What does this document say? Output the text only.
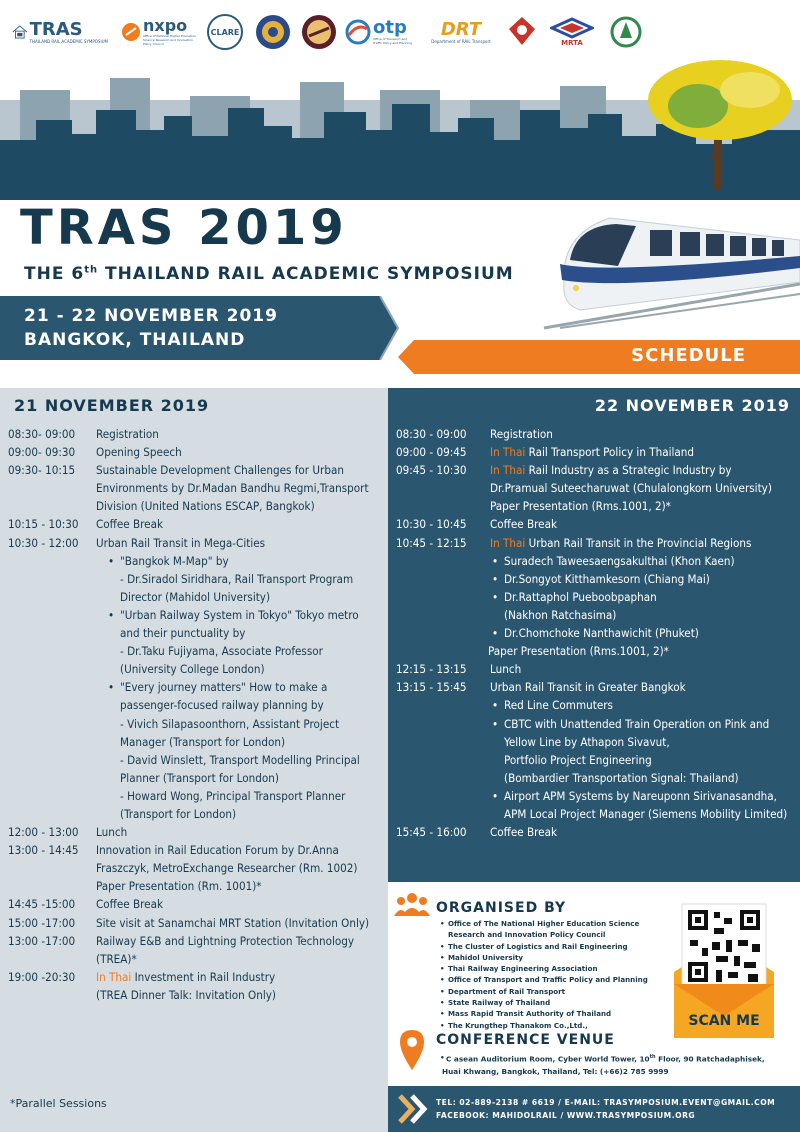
TRAS
THAILAND RAIL ACADEMIC SYMPOSIUM
nxpo
Office of National Higher Education Science Research and Innovation Policy Council
CLARE	otp
Office of Transport and Traffic Policy and Planning
DRT
Department of RAIL Transport	MRTA
TRAS 2019
THE 6th THAILAND RAIL ACADEMIC SYMPOSIUM
21 - 22 NOVEMBER 2019
BANGKOK, THAILAND
SCHEDULE
21 NOVEMBER 2019
08:30- 09:00	Registration
09:00- 09:30	Opening Speech
09:30- 10:15	Sustainable Development Challenges for Urban Environments by Dr.Madan Bandhu Regmi,Transport Division (United Nations ESCAP, Bangkok)
10:15 - 10:30	Coffee Break
10:30 - 12:00	Urban Rail Transit in Mega-Cities
• "Bangkok M-Map" by
- Dr.Siradol Siridhara, Rail Transport Program Director (Mahidol University)
• "Urban Railway System in Tokyo" Tokyo metro and their punctuality by
- Dr.Taku Fujiyama, Associate Professor (University College London)
• "Every journey matters" How to make a passenger-focused railway planning by
- Vivich Silapasoonthorn, Assistant Project Manager (Transport for London)
- David Winslett, Transport Modelling Principal Planner (Transport for London)
- Howard Wong, Principal Transport Planner (Transport for London)
12:00 - 13:00	Lunch
13:00 - 14:45	Innovation in Rail Education Forum by Dr.Anna Fraszczyk, MetroExchange Researcher (Rm. 1002)
Paper Presentation (Rm. 1001)*
14:45 -15:00	Coffee Break
15:00 -17:00	Site visit at Sanamchai MRT Station (Invitation Only)
13:00 -17:00	Railway E&B and Lightning Protection Technology (TREA)*
19:00 -20:30	In Thai Investment in Rail Industry
(TREA Dinner Talk: Invitation Only)
*Parallel Sessions
22 NOVEMBER 2019
08:30 - 09:00	Registration
09:00 - 09:45	In Thai Rail Transport Policy in Thailand
09:45 - 10:30	In Thai Rail Industry as a Strategic Industry by
Dr.Pramual Suteecharuwat (Chulalongkorn University)
Paper Presentation (Rms.1001, 2)*
10:30 - 10:45	Coffee Break
10:45 - 12:15	In Thai Urban Rail Transit in the Provincial Regions
• Suradech Taweesaengsakulthai (Khon Kaen)
• Dr.Songyot Kitthamkesorn (Chiang Mai)
• Dr.Rattaphol Pueboobpaphan (Nakhon Ratchasima)
• Dr.Chomchoke Nanthawichit (Phuket)
Paper Presentation (Rms.1001, 2)*
12:15 - 13:15	Lunch
13:15 - 15:45	Urban Rail Transit in Greater Bangkok
• Red Line Commuters
• CBTC with Unattended Train Operation on Pink and Yellow Line by Athapon Sivavut,
Portfolio Project Engineering
(Bombardier Transportation Signal: Thailand)
• Airport APM Systems by Nareuponn Sirivanasandha, APM Local Project Manager (Siemens Mobility Limited)
15:45 - 16:00	Coffee Break
ORGANISED BY
• Office of The National Higher Education Science Research and Innovation Policy Council
• The Cluster of Logistics and Rail Engineering
• Mahidol University
• Thai Railway Engineering Association
• Office of Transport and Traffic Policy and Planning
• Department of Rail Transport
• State Railway of Thailand
• Mass Rapid Transit Authority of Thailand
• The Krungthep Thanakom Co.,Ltd.,	SCAN ME
CONFERENCE VENUE
• C asean Auditorium Room, Cyber World Tower, 10th Floor, 90 Ratchadaphisek,
Huai Khwang, Bangkok, Thailand, Tel: (+66)2 785 9999
TEL: 02-889-2138 # 6619 / E-MAIL: TRASYMPOSIUM.EVENT@GMAIL.COM
FACEBOOK: MAHIDOLRAIL / WWW.TRASYMPOSIUM.ORG
